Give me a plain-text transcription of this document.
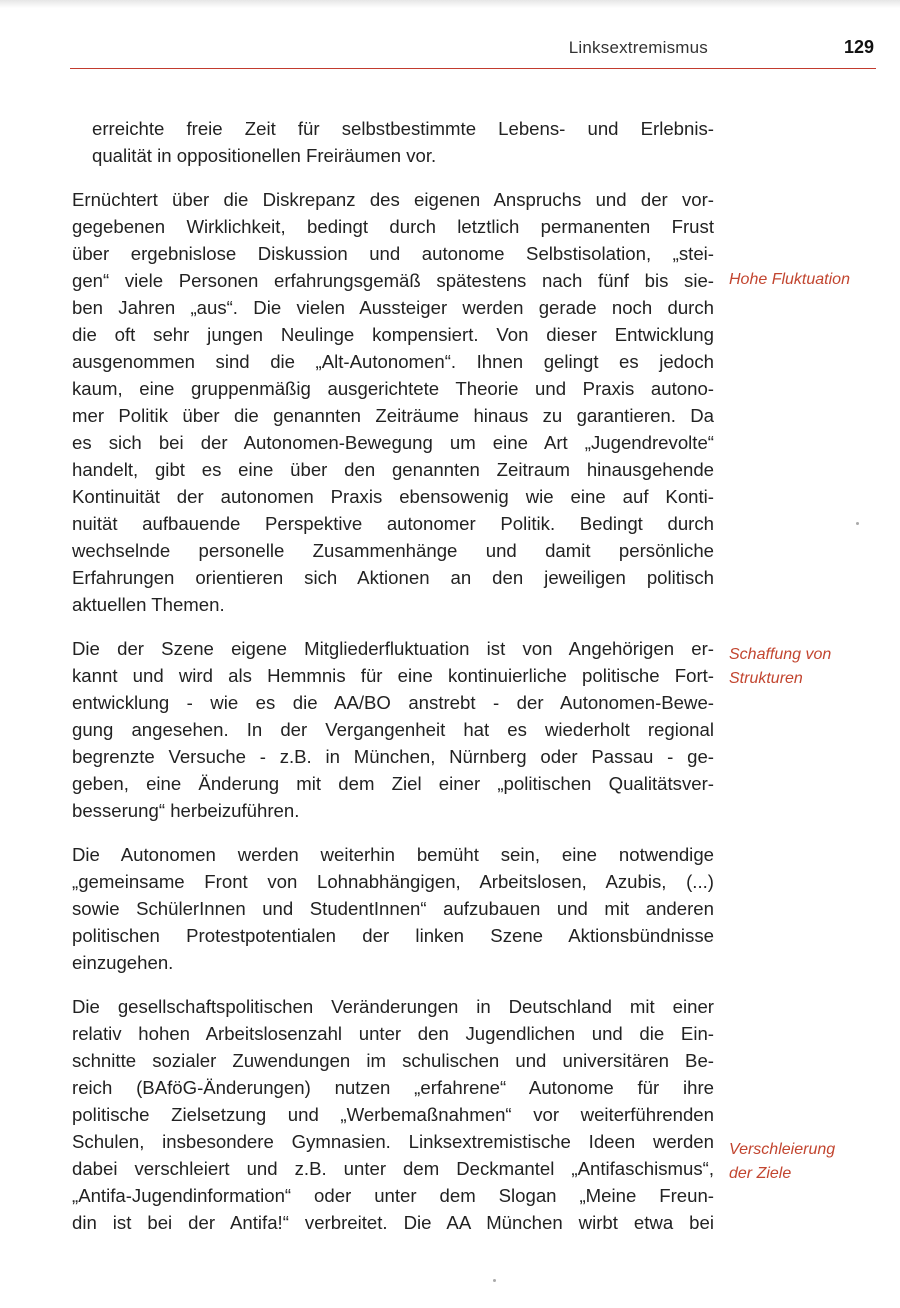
Linksextremismus	129

erreichte freie Zeit für selbstbestimmte Lebens- und Erlebnis-
qualität in oppositionellen Freiräumen vor.

Ernüchtert über die Diskrepanz des eigenen Anspruchs und der vor-
gegebenen Wirklichkeit, bedingt durch letztlich permanenten Frust
über ergebnislose Diskussion und autonome Selbstisolation, „stei-
gen“ viele Personen erfahrungsgemäß spätestens nach fünf bis sie-
ben Jahren „aus“. Die vielen Aussteiger werden gerade noch durch
die oft sehr jungen Neulinge kompensiert. Von dieser Entwicklung
ausgenommen sind die „Alt-Autonomen“. Ihnen gelingt es jedoch
kaum, eine gruppenmäßig ausgerichtete Theorie und Praxis autono-
mer Politik über die genannten Zeiträume hinaus zu garantieren. Da
es sich bei der Autonomen-Bewegung um eine Art „Jugendrevolte“
handelt, gibt es eine über den genannten Zeitraum hinausgehende
Kontinuität der autonomen Praxis ebensowenig wie eine auf Konti-
nuität aufbauende Perspektive autonomer Politik. Bedingt durch
wechselnde personelle Zusammenhänge und damit persönliche
Erfahrungen orientieren sich Aktionen an den jeweiligen politisch
aktuellen Themen.

Die der Szene eigene Mitgliederfluktuation ist von Angehörigen er-
kannt und wird als Hemmnis für eine kontinuierliche politische Fort-
entwicklung - wie es die AA/BO anstrebt - der Autonomen-Bewe-
gung angesehen. In der Vergangenheit hat es wiederholt regional
begrenzte Versuche - z.B. in München, Nürnberg oder Passau - ge-
geben, eine Änderung mit dem Ziel einer „politischen Qualitätsver-
besserung“ herbeizuführen.

Die Autonomen werden weiterhin bemüht sein, eine notwendige
„gemeinsame Front von Lohnabhängigen, Arbeitslosen, Azubis, (...)
sowie SchülerInnen und StudentInnen“ aufzubauen und mit anderen
politischen Protestpotentialen der linken Szene Aktionsbündnisse
einzugehen.

Die gesellschaftspolitischen Veränderungen in Deutschland mit einer
relativ hohen Arbeitslosenzahl unter den Jugendlichen und die Ein-
schnitte sozialer Zuwendungen im schulischen und universitären Be-
reich (BAföG-Änderungen) nutzen „erfahrene“ Autonome für ihre
politische Zielsetzung und „Werbemaßnahmen“ vor weiterführenden
Schulen, insbesondere Gymnasien. Linksextremistische Ideen werden
dabei verschleiert und z.B. unter dem Deckmantel „Antifaschismus“,
„Antifa-Jugendinformation“ oder unter dem Slogan „Meine Freun-
din ist bei der Antifa!“ verbreitet. Die AA München wirbt etwa bei

Hohe Fluktuation
Schaffung von
Strukturen
Verschleierung
der Ziele
